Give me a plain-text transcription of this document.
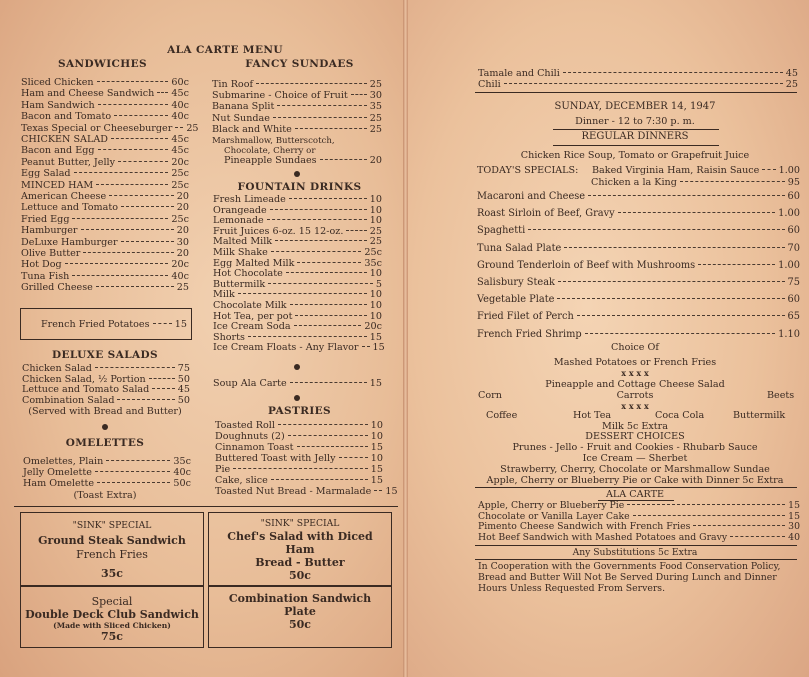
ALA CARTE MENU
SANDWICHES	FANCY SUNDAES
Sliced Chicken	60c
Ham and Cheese Sandwich 45c
Ham Sandwich	40c
Bacon and Tomato	40c
Texas Special or Cheeseburger 25
CHICKEN SALAD	45c
Bacon and Egg	45c
Peanut Butter, Jelly	20c
Egg Salad	25c
MINCED HAM	25c
American Cheese	20
Lettuce and Tomato	20
Fried Egg	25c
Hamburger	20
DeLuxe Hamburger	30
Olive Butter	20
Hot Dog	20c
Tuna Fish	40c
Grilled Cheese	25
French Fried Potatoes	15
DELUXE SALADS
Chicken Salad	75
Chicken Salad, ½ Portion	50
Lettuce and Tomato Salad	45
Combination Salad	50
(Served with Bread and Butter)
OMELETTES
Omelettes, Plain	35c
Jelly Omelette	40c
Ham Omelette	50c
(Toast Extra)
Tin Roof	25
Submarine - Choice of Fruit 30
Banana Split	35
Nut Sundae	25
Black and White	25
Marshmallow, Butterscotch,
Chocolate, Cherry or
Pineapple Sundaes	20
FOUNTAIN DRINKS
Fresh Limeade	10
Orangeade	10
Lemonade	10
Fruit Juices 6-oz. 15 12-oz.	25
Malted Milk	25
Milk Shake	25c
Egg Malted Milk	35c
Hot Chocolate	10
Buttermilk	5
Milk	10
Chocolate Milk	10
Hot Tea, per pot	10
Ice Cream Soda	20c
Shorts	15
Ice Cream Floats - Any Flavor 15
Soup Ala Carte	15
PASTRIES
Toasted Roll	10
Doughnuts (2)	10
Cinnamon Toast	15
Buttered Toast with Jelly	10
Pie	15
Cake, slice	15
Toasted Nut Bread - Marmalade 15
"SINK" SPECIAL
Ground Steak Sandwich
French Fries
35c
"SINK" SPECIAL
Chef's Salad with Diced
Ham
Bread - Butter
50c
Special
Double Deck Club Sandwich
(Made with Sliced Chicken)
75c
Combination Sandwich
Plate
50c
Tamale and Chili	45
Chili	25
SUNDAY, DECEMBER 14, 1947
Dinner - 12 to 7:30 p. m.
REGULAR DINNERS
Chicken Rice Soup, Tomato or Grapefruit Juice
TODAY'S SPECIALS: Baked Virginia Ham, Raisin Sauce 1.00
Chicken a la King	95
Macaroni and Cheese	60
Roast Sirloin of Beef, Gravy	1.00
Spaghetti	60
Tuna Salad Plate	70
Ground Tenderloin of Beef with Mushrooms	1.00
Salisbury Steak	75
Vegetable Plate	60
Fried Filet of Perch	65
French Fried Shrimp	1.10
Choice Of
Mashed Potatoes or French Fries
x x x x
Pineapple and Cottage Cheese Salad
Corn	Carrots	Beets
x x x x
Coffee	Hot Tea	Coca Cola	Buttermilk
Milk 5c Extra
DESSERT CHOICES
Prunes - Jello - Fruit and Cookies - Rhubarb Sauce
Ice Cream — Sherbet
Strawberry, Cherry, Chocolate or Marshmallow Sundae
Apple, Cherry or Blueberry Pie or Cake with Dinner 5c Extra
ALA CARTE
Apple, Cherry or Blueberry Pie	15
Chocolate or Vanilla Layer Cake	15
Pimento Cheese Sandwich with French Fries	30
Hot Beef Sandwich with Mashed Potatoes and Gravy	40
Any Substitutions 5c Extra
In Cooperation with the Governments Food Conservation Policy,
Bread and Butter Will Not Be Served During Lunch and Dinner
Hours Unless Requested From Servers.
